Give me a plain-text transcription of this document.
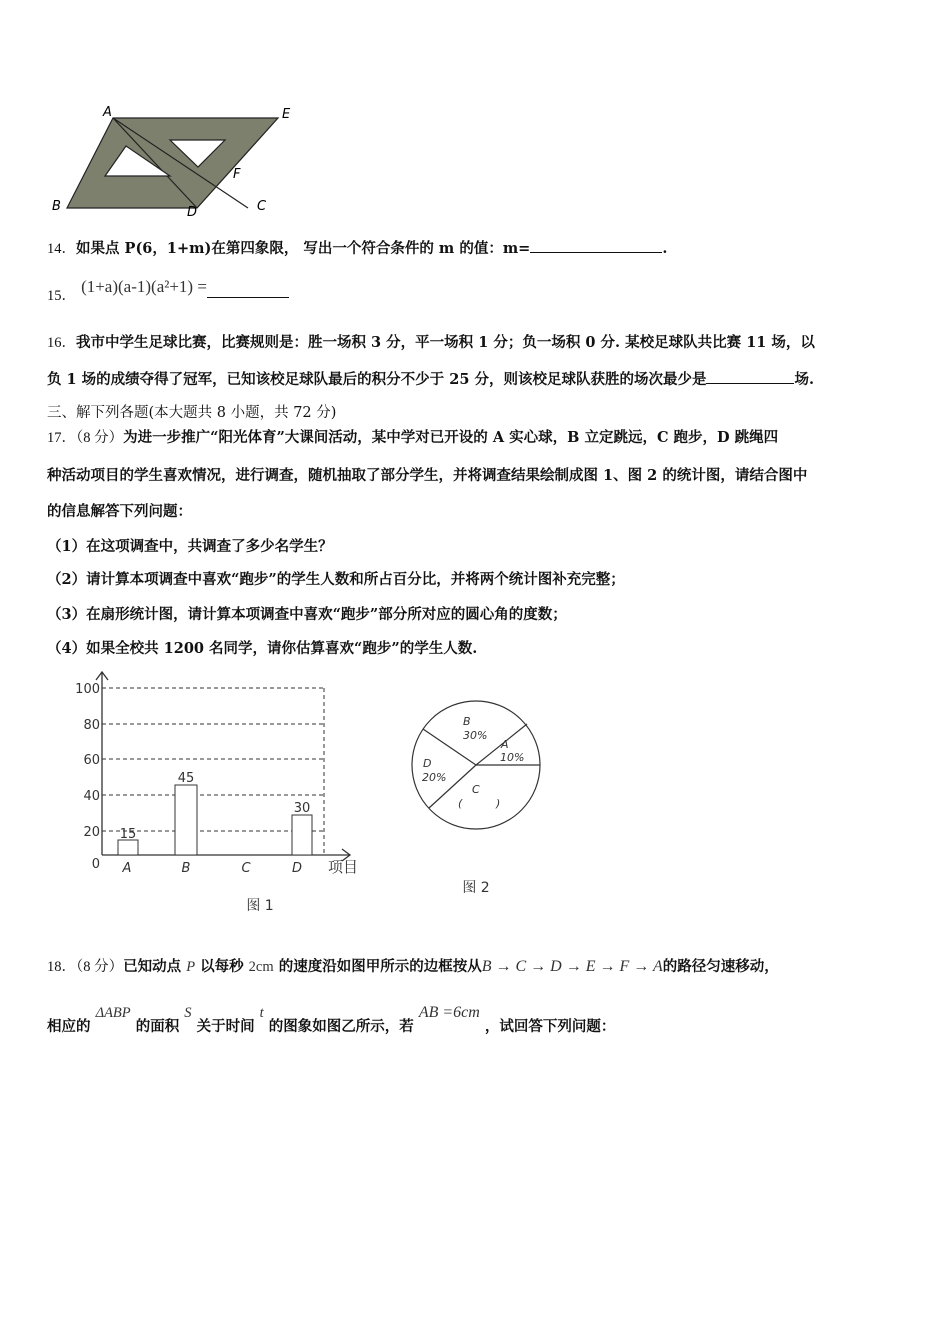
A	E
F
B	D	C
14．如果点 P(6，1+m)在第四象限， 写出一个符合条件的 m 的值：m=	.
15． (1+a)(a-1)(a²+1) =
16．我市中学生足球比赛，比赛规则是：胜一场积 3 分，平一场积 1 分；负一场积 0 分. 某校足球队共比赛 11 场，以
负 1 场的成绩夺得了冠军，已知该校足球队最后的积分不少于 25 分，则该校足球队获胜的场次最少是	场.
三、解下列各题(本大题共 8 小题，共 72 分)
17．（8 分）为进一步推广“阳光体育”大课间活动，某中学对已开设的 A 实心球，B 立定跳远，C 跑步，D 跳绳四
种活动项目的学生喜欢情况，进行调查，随机抽取了部分学生，并将调查结果绘制成图 1、图 2 的统计图，请结合图中
的信息解答下列问题：
（1）在这项调查中，共调查了多少名学生？
（2）请计算本项调查中喜欢“跑步”的学生人数和所占百分比，并将两个统计图补充完整；
（3）在扇形统计图，请计算本项调查中喜欢“跑步”部分所对应的圆心角的度数；
（4）如果全校共 1200 名同学，请你估算喜欢“跑步”的学生人数.
100
80
60
40
20
0
15
45
30
A	B	C	D 项目
图 1
B
30%
A
10%
D
20%
C
(	)
图 2
18．（8 分）已知动点 P 以每秒 2cm 的速度沿如图甲所示的边框按从B → C → D → E → F → A的路径匀速移动，
相应的 ΔABP 的面积 S 关于时间 t 的图象如图乙所示，若 AB =6cm ，试回答下列问题：
